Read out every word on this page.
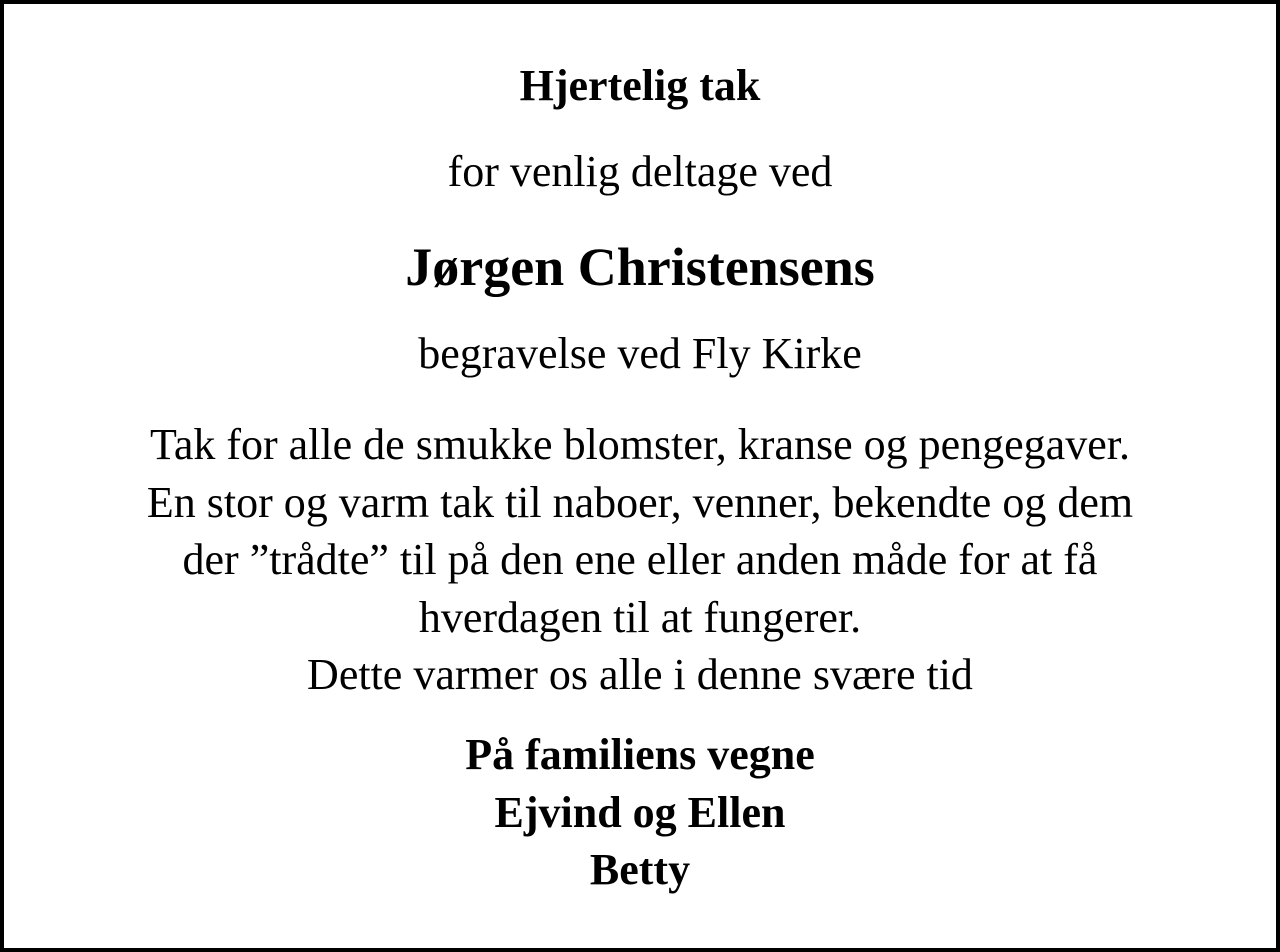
Hjertelig tak

for venlig deltage ved

Jørgen Christensens

begravelse ved Fly Kirke

Tak for alle de smukke blomster, kranse og pengegaver.
En stor og varm tak til naboer, venner, bekendte og dem
der ”trådte” til på den ene eller anden måde for at få
hverdagen til at fungerer.
Dette varmer os alle i denne svære tid
På familiens vegne
Ejvind og Ellen
Betty
